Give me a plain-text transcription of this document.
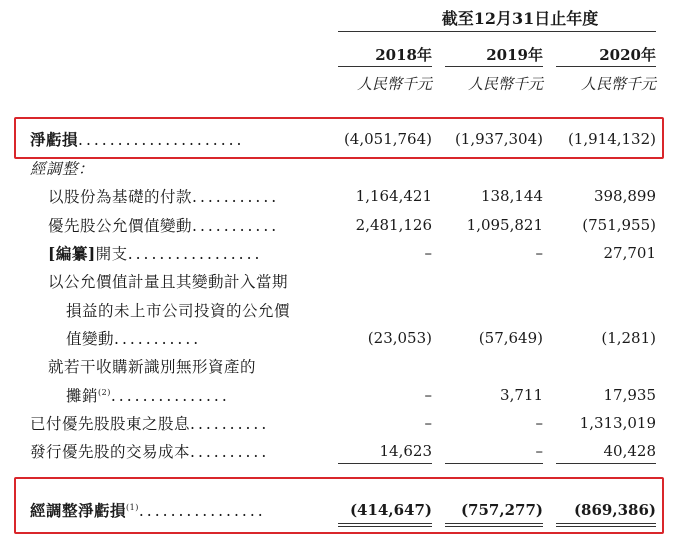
截至12月31日止年度
2018年	2019年	2020年
人民幣千元	人民幣千元	人民幣千元
淨虧損.....................	(4,051,764)	(1,937,304)	(1,914,132)
經調整：
以股份為基礎的付款...........	1,164,421	138,144	398,899
優先股公允價值變動...........	2,481,126	1,095,821	(751,955)
[編纂]開支.................	–	–	27,701
以公允價值計量且其變動計入當期
損益的未上市公司投資的公允價
值變動...........	(23,053)	(57,649)	(1,281)
就若干收購新識別無形資產的
攤銷$^{(2)}$...............	–	3,711	17,935
已付優先股股東之股息..........	–	–	1,313,019
發行優先股的交易成本..........	14,623	–	40,428
經調整淨虧損$^{(1)}$................	(414,647)	(757,277)	(869,386)
